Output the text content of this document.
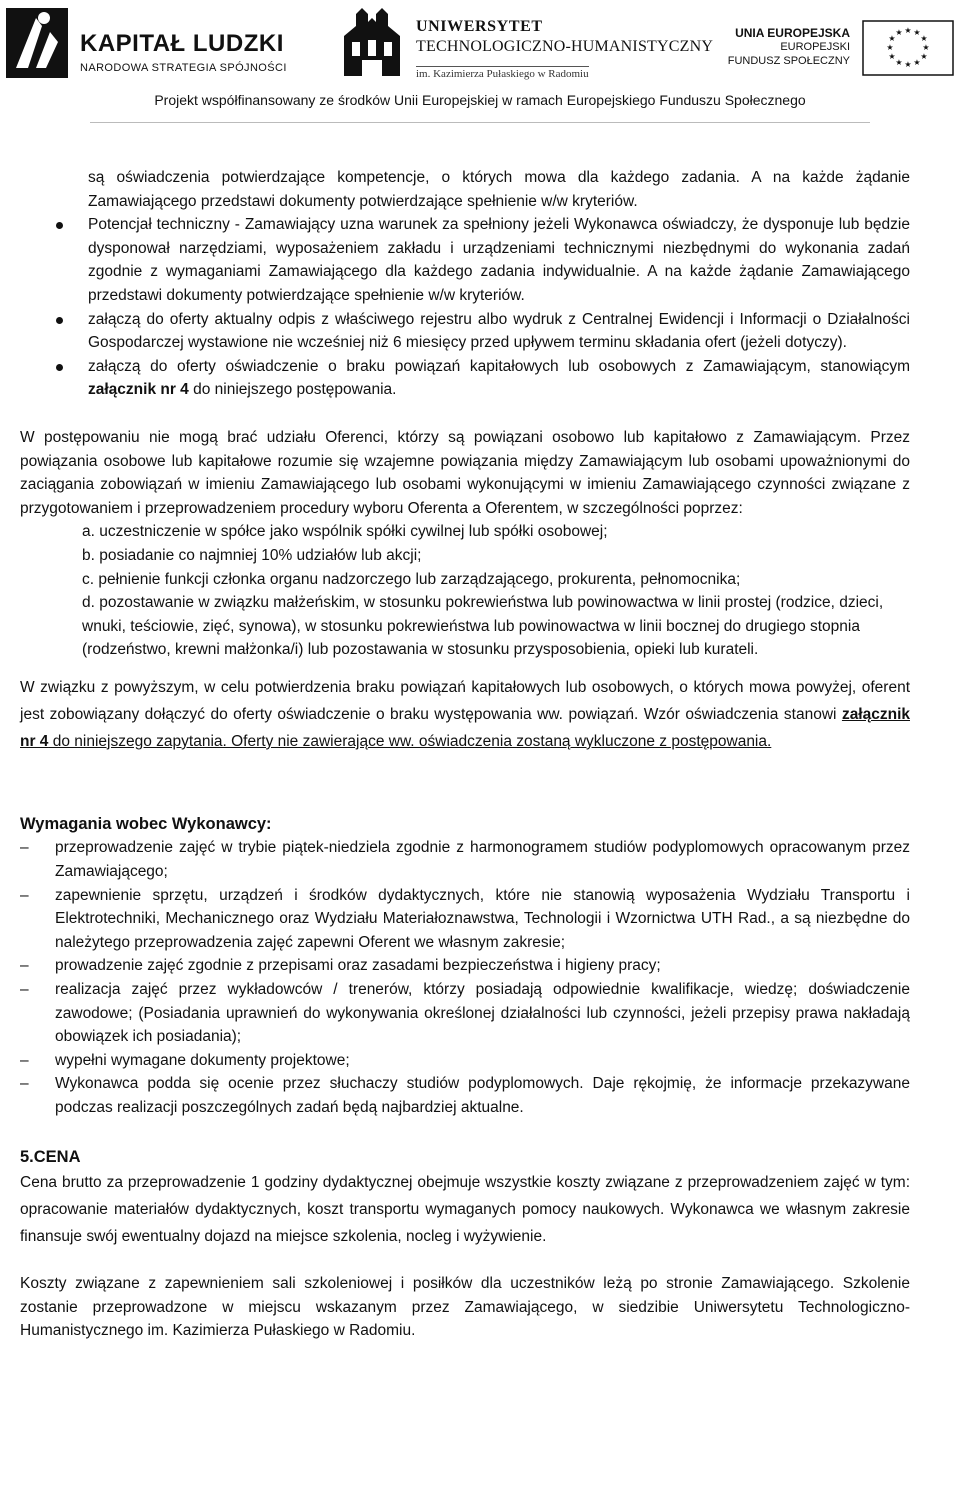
KAPITAŁ LUDZKI
NARODOWA STRATEGIA SPÓJNOŚCI
UNIWERSYTET
TECHNOLOGICZNO-HUMANISTYCZNY
im. Kazimierza Pułaskiego w Radomiu
UNIA EUROPEJSKA
EUROPEJSKI
FUNDUSZ SPOŁECZNY
★ ★
★
★
★
★
★
★
★
★
★
★
Projekt współfinansowany ze środków Unii Europejskiej w ramach Europejskiego Funduszu Społecznego

są oświadczenia potwierdzające kompetencje, o których mowa dla każdego zadania. A na każde żądanie Zamawiającego przedstawi dokumenty potwierdzające spełnienie w/w kryteriów.

Potencjał techniczny - Zamawiający uzna warunek za spełniony jeżeli Wykonawca oświadczy, że dysponuje lub będzie dysponował narzędziami, wyposażeniem zakładu i urządzeniami technicznymi niezbędnymi do wykonania zadań zgodnie z wymaganiami Zamawiającego dla każdego zadania indywidualnie. A na każde żądanie Zamawiającego przedstawi dokumenty potwierdzające spełnienie w/w kryteriów.

załączą do oferty aktualny odpis z właściwego rejestru albo wydruk z Centralnej Ewidencji i Informacji o Działalności Gospodarczej wystawione nie wcześniej niż 6 miesięcy przed upływem terminu składania ofert (jeżeli dotyczy).

załączą do oferty oświadczenie o braku powiązań kapitałowych lub osobowych z Zamawiającym, stanowiącym załącznik nr 4 do niniejszego postępowania.

W postępowaniu nie mogą brać udziału Oferenci, którzy są powiązani osobowo lub kapitałowo z Zamawiającym. Przez powiązania osobowe lub kapitałowe rozumie się wzajemne powiązania między Zamawiającym lub osobami upoważnionymi do zaciągania zobowiązań w imieniu Zamawiającego lub osobami wykonującymi w imieniu Zamawiającego czynności związane z przygotowaniem i przeprowadzeniem procedury wyboru Oferenta a Oferentem, w szczególności poprzez:

a. uczestniczenie w spółce jako wspólnik spółki cywilnej lub spółki osobowej;

b. posiadanie co najmniej 10% udziałów lub akcji;

c. pełnienie funkcji członka organu nadzorczego lub zarządzającego, prokurenta, pełnomocnika;

d. pozostawanie w związku małżeńskim, w stosunku pokrewieństwa lub powinowactwa w linii prostej (rodzice, dzieci, wnuki, teściowie, zięć, synowa), w stosunku pokrewieństwa lub powinowactwa w linii bocznej do drugiego stopnia (rodzeństwo, krewni małżonka/i) lub pozostawania w stosunku przysposobienia, opieki lub kurateli.

W związku z powyższym, w celu potwierdzenia braku powiązań kapitałowych lub osobowych, o których mowa powyżej, oferent jest zobowiązany dołączyć do oferty oświadczenie o braku występowania ww. powiązań. Wzór oświadczenia stanowi załącznik nr 4 do niniejszego zapytania. Oferty nie zawierające ww. oświadczenia zostaną wykluczone z postępowania.

Wymagania wobec Wykonawcy:

– przeprowadzenie zajęć w trybie piątek-niedziela zgodnie z harmonogramem studiów podyplomowych opracowanym przez Zamawiającego;

– zapewnienie sprzętu, urządzeń i środków dydaktycznych, które nie stanowią wyposażenia Wydziału Transportu i Elektrotechniki, Mechanicznego oraz Wydziału Materiałoznawstwa, Technologii i Wzornictwa UTH Rad., a są niezbędne do należytego przeprowadzenia zajęć zapewni Oferent we własnym zakresie;

– prowadzenie zajęć zgodnie z przepisami oraz zasadami bezpieczeństwa i higieny pracy;

– realizacja zajęć przez wykładowców / trenerów, którzy posiadają odpowiednie kwalifikacje, wiedzę; doświadczenie zawodowe; (Posiadania uprawnień do wykonywania określonej działalności lub czynności, jeżeli przepisy prawa nakładają obowiązek ich posiadania);

– wypełni wymagane dokumenty projektowe;

– Wykonawca podda się ocenie przez słuchaczy studiów podyplomowych. Daje rękojmię, że informacje przekazywane podczas realizacji poszczególnych zadań będą najbardziej aktualne.

5.CENA

Cena brutto za przeprowadzenie 1 godziny dydaktycznej obejmuje wszystkie koszty związane z przeprowadzeniem zajęć w tym: opracowanie materiałów dydaktycznych, koszt transportu wymaganych pomocy naukowych. Wykonawca we własnym zakresie finansuje swój ewentualny dojazd na miejsce szkolenia, nocleg i wyżywienie.

Koszty związane z zapewnieniem sali szkoleniowej i posiłków dla uczestników leżą po stronie Zamawiającego. Szkolenie zostanie przeprowadzone w miejscu wskazanym przez Zamawiającego, w siedzibie Uniwersytetu Technologiczno-Humanistycznego im. Kazimierza Pułaskiego w Radomiu.
